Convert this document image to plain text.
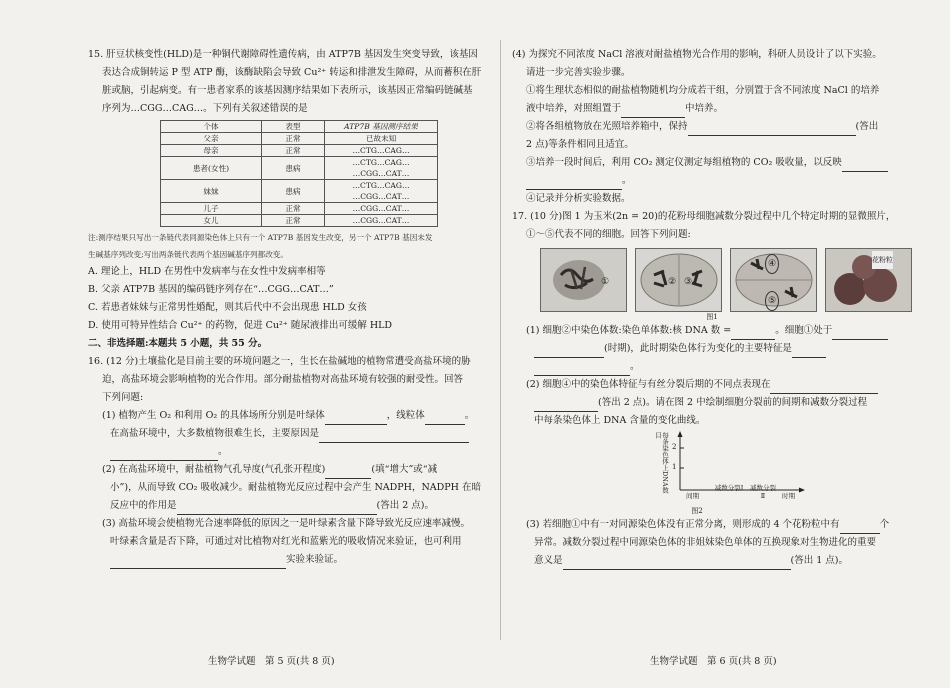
15. 肝豆状核变性(HLD)是一种铜代谢障碍性遗传病，由 ATP7B 基因发生突变导致，该基因

表达合成铜转运 P 型 ATP 酶，该酶缺陷会导致 Cu²⁺ 转运和排泄发生障碍，从而蓄积在肝

脏或脑，引起病变。有一患者家系的该基因测序结果如下表所示，该基因正常编码链碱基

序列为…CGG…CAG…。下列有关叙述错误的是

个体	表型	ATP7B 基因测序结果
父亲	正常	已故未知
母亲	正常	…CTG…CAG…
患者(女性)	患病	…CTG…CAG…
…CGG…CAT…

妹妹	患病	…CTG…CAG…
…CGG…CAT…

儿子	正常	…CGG…CAT…
女儿	正常	…CGG…CAT…

注:测序结果只写出一条链代表同源染色体上只有一个 ATP7B 基因发生改变，另一个 ATP7B 基因未发

生碱基序列改变;写出两条链代表两个基因碱基序列都改变。

A. 理论上，HLD 在男性中发病率与在女性中发病率相等

B. 父亲 ATP7B 基因的编码链序列存在“…CGG…CAT…”

C. 若患者妹妹与正常男性婚配，则其后代中不会出现患 HLD 女孩

D. 使用可特异性结合 Cu²⁺ 的药物，促进 Cu²⁺ 随尿液排出可缓解 HLD

二、非选择题:本题共 5 小题，共 55 分。

16. (12 分)土壤盐化是目前主要的环境问题之一，生长在盐碱地的植物常遭受高盐环境的胁

迫，高盐环境会影响植物的光合作用。部分耐盐植物对高盐环境有较强的耐受性。回答

下列问题:

(1) 植物产生 O₂ 和利用 O₂ 的具体场所分别是叶绿体	，线粒体	。

在高盐环境中，大多数植物很难生长，主要原因是

。

(2) 在高盐环境中，耐盐植物气孔导度(气孔张开程度)	(填“增大”或“减

小”)，从而导致 CO₂ 吸收减少。耐盐植物光反应过程中会产生 NADPH，NADPH 在暗

反应中的作用是	(答出 2 点)。

(3) 高盐环境会使植物光合速率降低的原因之一是叶绿素含量下降导致光反应速率减慢。

叶绿素含量是否下降，可通过对比植物对红光和蓝紫光的吸收情况来验证，也可利用

实验来验证。

(4) 为探究不同浓度 NaCl 溶液对耐盐植物光合作用的影响，科研人员设计了以下实验。

请进一步完善实验步骤。

①将生理状态相似的耐盐植物随机均分成若干组，分别置于含不同浓度 NaCl 的培养

液中培养，对照组置于	中培养。

②将各组植物放在光照培养箱中，保持	(答出

2 点)等条件相同且适宜。

③培养一段时间后，利用 CO₂ 测定仪测定每组植物的 CO₂ 吸收量，以反映

。

④记录并分析实验数据。

17. (10 分)图 1 为玉米(2n = 20)的花粉母细胞减数分裂过程中几个特定时期的显微照片，

①～⑤代表不同的细胞。回答下列问题:

①	② ③
④
⑤
花粉粒
图1

(1) 细胞②中染色体数:染色单体数:核 DNA 数 =	。细胞①处于

(时期)，此时期染色体行为变化的主要特征是

。

(2) 细胞④中的染色体特征与有丝分裂后期的不同点表现在

(答出 2 点)。请在图 2 中绘制细胞分裂前的间期和减数分裂过程

中每条染色体上 DNA 含量的变化曲线。

每条染色体上DNA数目
2
1
间期
减数分裂Ⅰ	减数分裂Ⅱ	时期
图2

(3) 若细胞①中有一对同源染色体没有正常分离，则形成的 4 个花粉粒中有	个

异常。减数分裂过程中同源染色体的非姐妹染色单体的互换现象对生物进化的重要

意义是	(答出 1 点)。

生物学试题　第 5 页(共 8 页)	生物学试题　第 6 页(共 8 页)
